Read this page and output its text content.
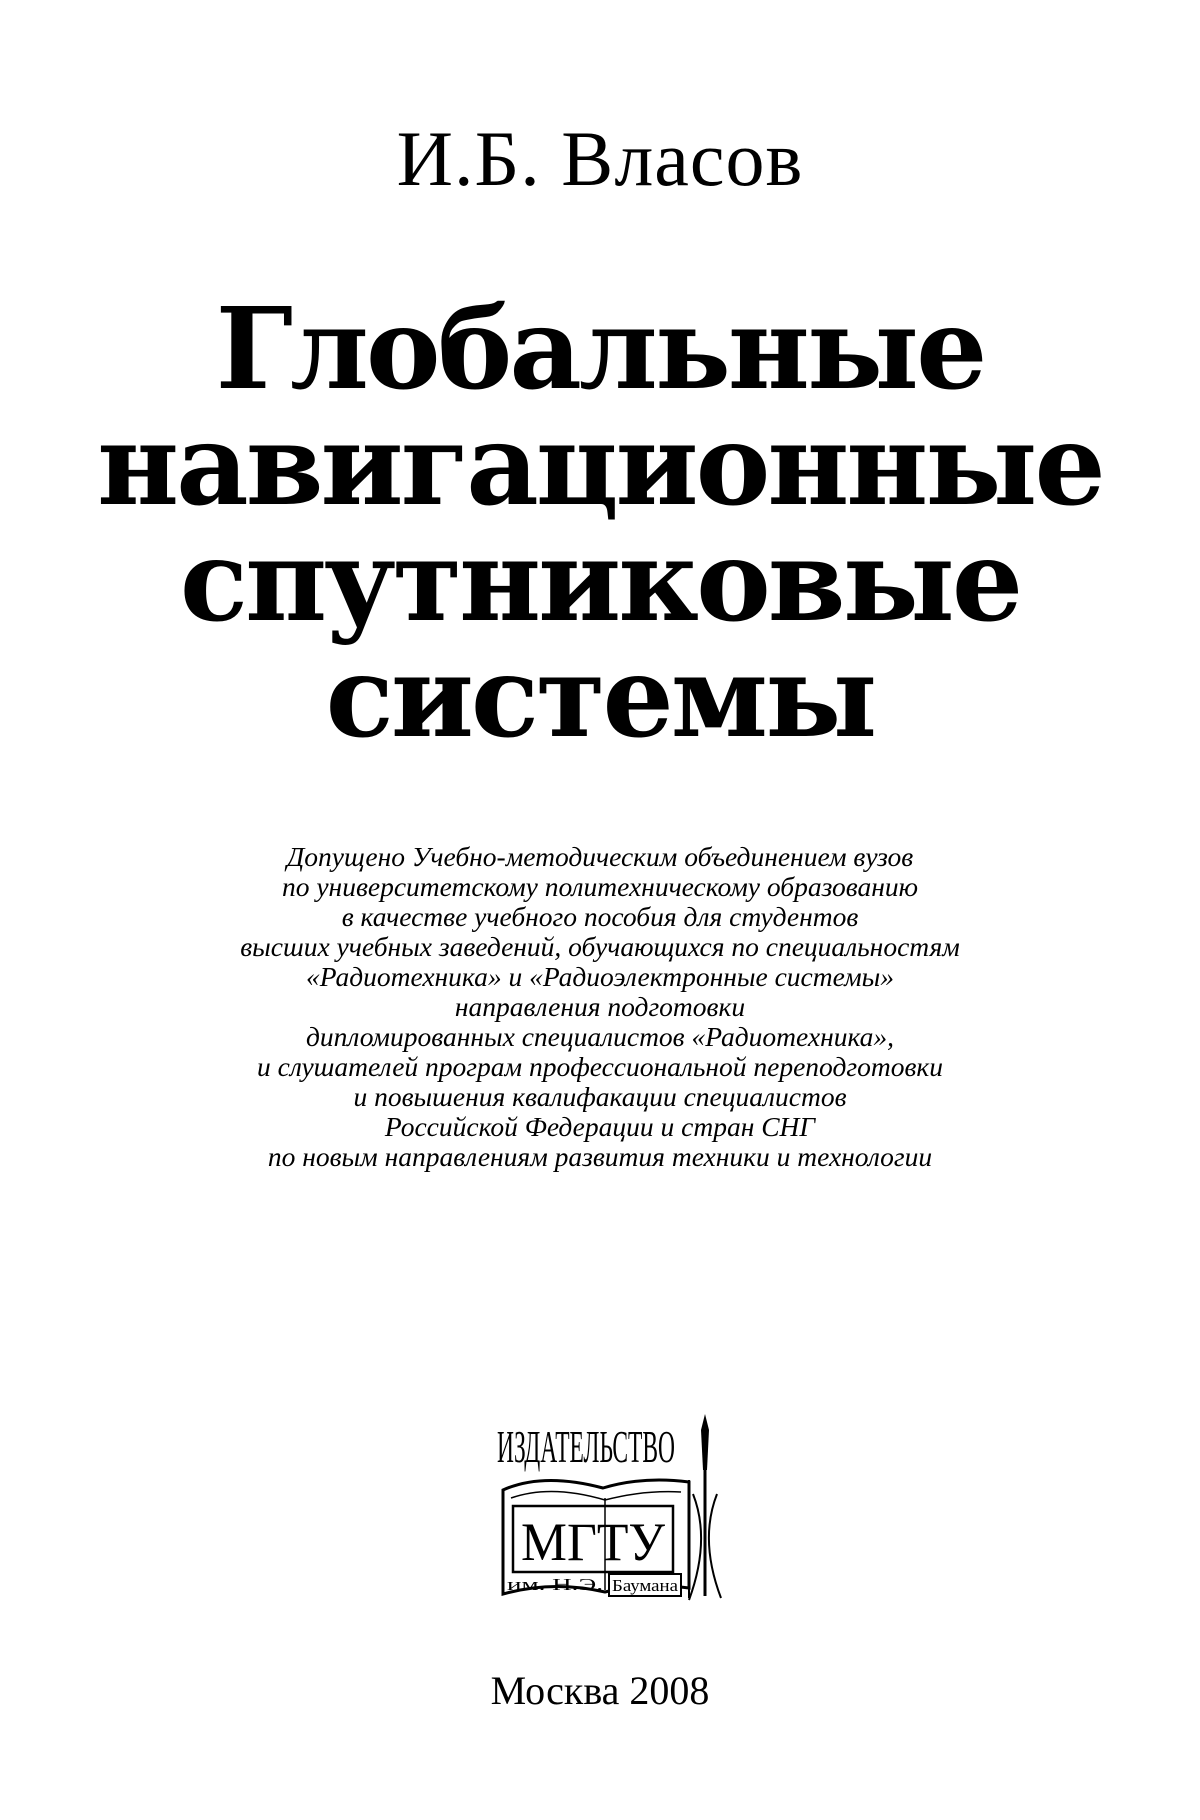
И.Б. Власов
Глобальные
навигационные
спутниковые
системы
Допущено Учебно-методическим объединением вузов
по университетскому политехническому образованию
в качестве учебного пособия для студентов
высших учебных заведений, обучающихся по специальностям
«Радиотехника» и «Радиоэлектронные системы»
направления подготовки
дипломированных специалистов «Радиотехника»,
и слушателей програм профессиональной переподготовки
и повышения квалифакации специалистов
Российской Федерации и стран СНГ
по новым направлениям развития техники и технологии
ИЗДАТЕЛЬСТВО
МГТУ
им. Н.Э. Баумана
Москва 2008
